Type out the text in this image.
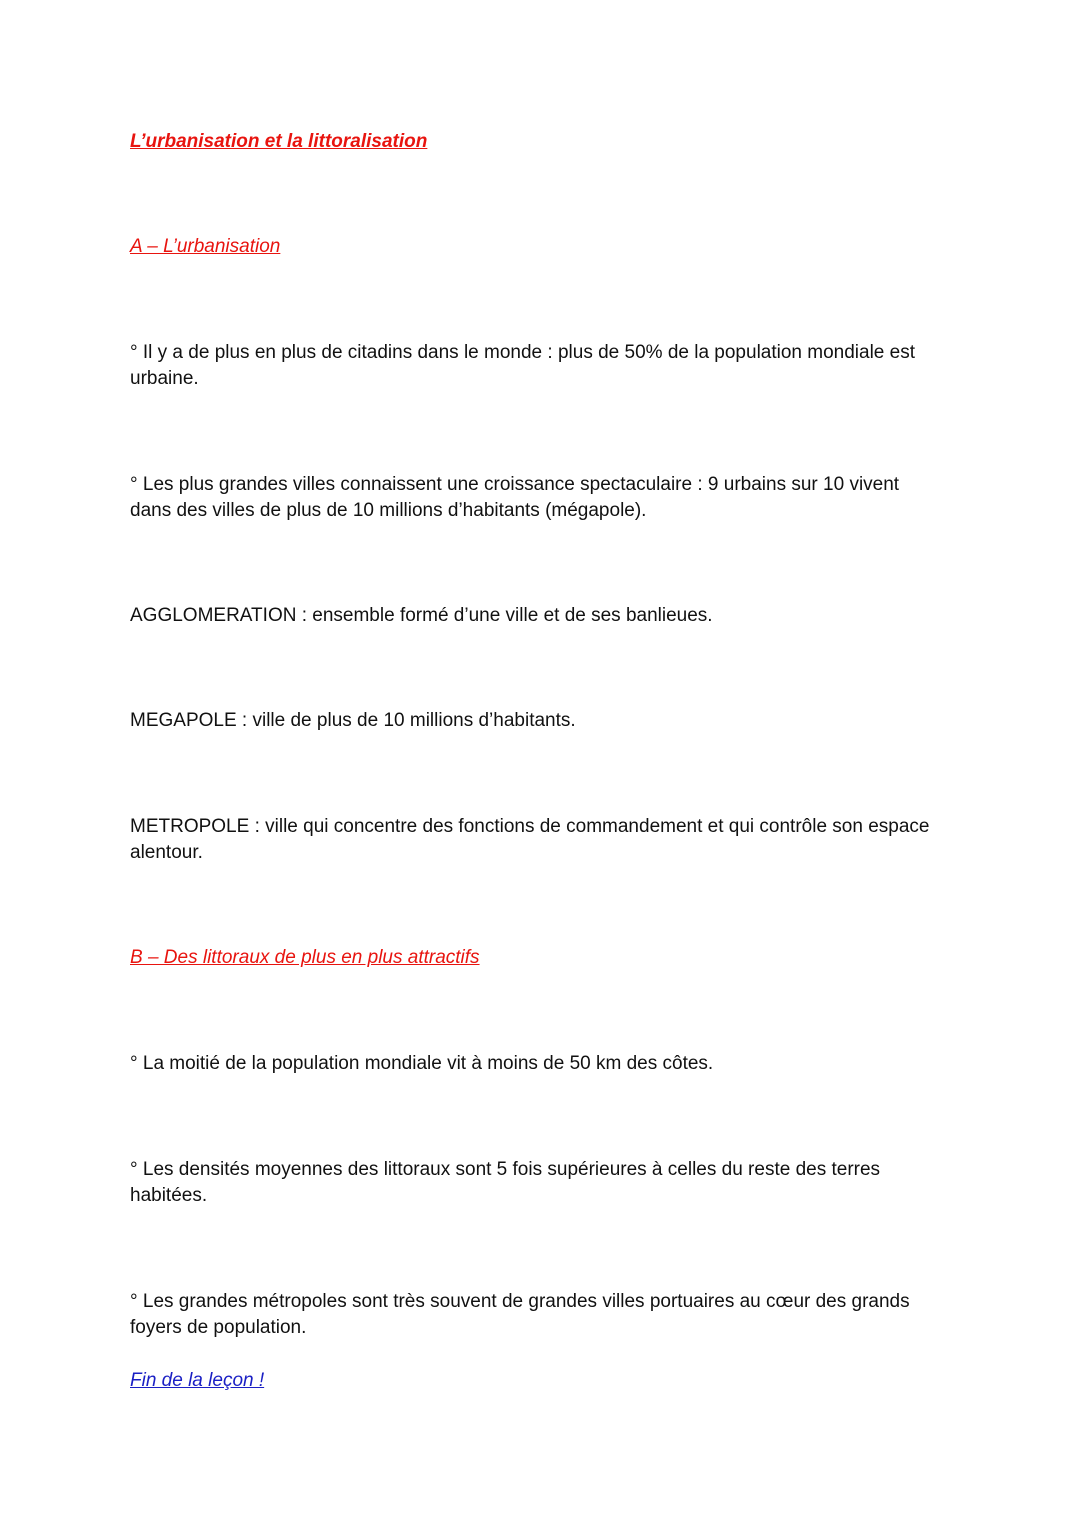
L’urbanisation et la littoralisation

A – L’urbanisation

° Il y a de plus en plus de citadins dans le monde : plus de 50% de la population mondiale est urbaine.

° Les plus grandes villes connaissent une croissance spectaculaire : 9 urbains sur 10 vivent dans des villes de plus de 10 millions d’habitants (mégapole).

AGGLOMERATION : ensemble formé d’une ville et de ses banlieues.

MEGAPOLE : ville de plus de 10 millions d’habitants.

METROPOLE : ville qui concentre des fonctions de commandement et qui contrôle son espace alentour.

B – Des littoraux de plus en plus attractifs

° La moitié de la population mondiale vit à moins de 50 km des côtes.

° Les densités moyennes des littoraux sont 5 fois supérieures à celles du reste des terres habitées.

° Les grandes métropoles sont très souvent de grandes villes portuaires au cœur des grands foyers de population.

Fin de la leçon !
